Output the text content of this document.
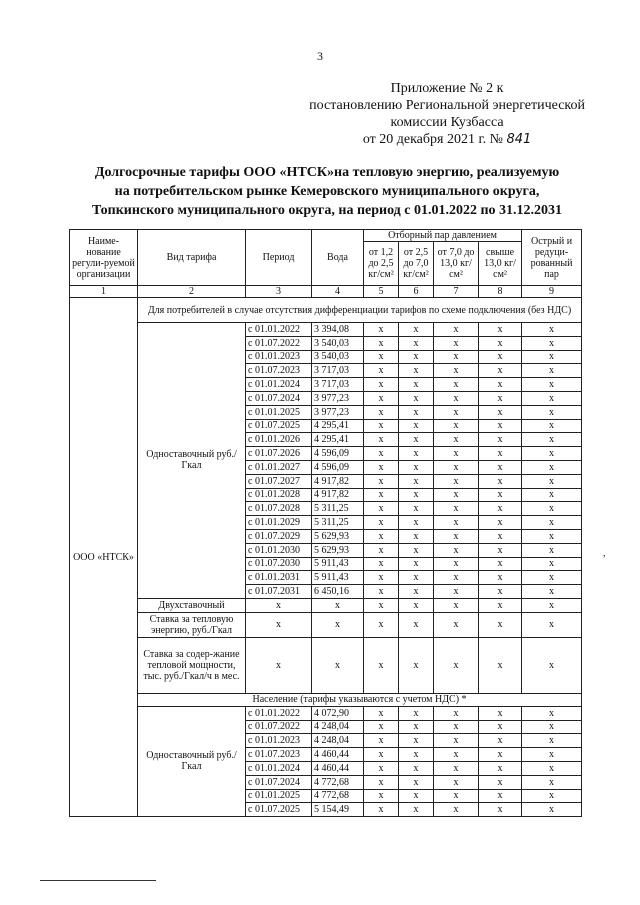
3
Приложение № 2 к
постановлению Региональной энергетической
комиссии Кузбасса
от 20 декабря 2021 г. № 841
Долгосрочные тарифы ООО «НТСК»на тепловую энергию, реализуемую
на потребительском рынке Кемеровского муниципального округа,
Топкинского муниципального округа, на период с 01.01.2022 по 31.12.2031
Наиме-нование регули-руемой организации	Вид тарифа	Период	Вода	Отборный пар давлением				Острый и редуци-рованный пар
				от 1,2 до 2,5 кг/см²	от 2,5 до 7,0 кг/см²	от 7,0 до 13,0 кг/см²	свыше 13,0 кг/см²	
1	2	3	4	5	6	7	8	9
ООО «НТСК»	Для потребителей в случае отсутствия дифференциации тарифов по схеме подключения (без НДС)							
	Одноставочный руб./Гкал	с 01.01.2022	3 394,08	x	x	x	x	x
		с 01.07.2022	3 540,03	x	x	x	x	x
		с 01.01.2023	3 540,03	x	x	x	x	x
		с 01.07.2023	3 717,03	x	x	x	x	x
		с 01.01.2024	3 717,03	x	x	x	x	x
		с 01.07.2024	3 977,23	x	x	x	x	x
		с 01.01.2025	3 977,23	x	x	x	x	x
		с 01.07.2025	4 295,41	x	x	x	x	x
		с 01.01.2026	4 295,41	x	x	x	x	x
		с 01.07.2026	4 596,09	x	x	x	x	x
		с 01.01.2027	4 596,09	x	x	x	x	x
		с 01.07.2027	4 917,82	x	x	x	x	x
		с 01.01.2028	4 917,82	x	x	x	x	x
		с 01.07.2028	5 311,25	x	x	x	x	x
		с 01.01.2029	5 311,25	x	x	x	x	x
		с 01.07.2029	5 629,93	x	x	x	x	x
		с 01.01.2030	5 629,93	x	x	x	x	x
		с 01.07.2030	5 911,43	x	x	x	x	x
		с 01.01.2031	5 911,43	x	x	x	x	x
		с 01.07.2031	6 450,16	x	x	x	x	x
	Двухставочный	x	x	x	x	x	x	x
	Ставка за тепловую энергию, руб./Гкал	x	x	x	x	x	x	x
	Ставка за содер-жание тепловой мощности, тыс. руб./Гкал/ч в мес.	x	x	x	x	x	x	x
	Население (тарифы указываются с учетом НДС) *							
	Одноставочный руб./Гкал	с 01.01.2022	4 072,90	x	x	x	x	x
		с 01.07.2022	4 248,04	x	x	x	x	x
		с 01.01.2023	4 248,04	x	x	x	x	x
		с 01.07.2023	4 460,44	x	x	x	x	x
		с 01.01.2024	4 460,44	x	x	x	x	x
		с 01.07.2024	4 772,68	x	x	x	x	x
		с 01.01.2025	4 772,68	x	x	x	x	x
		с 01.07.2025	5 154,49	x	x	x	x	x
,
